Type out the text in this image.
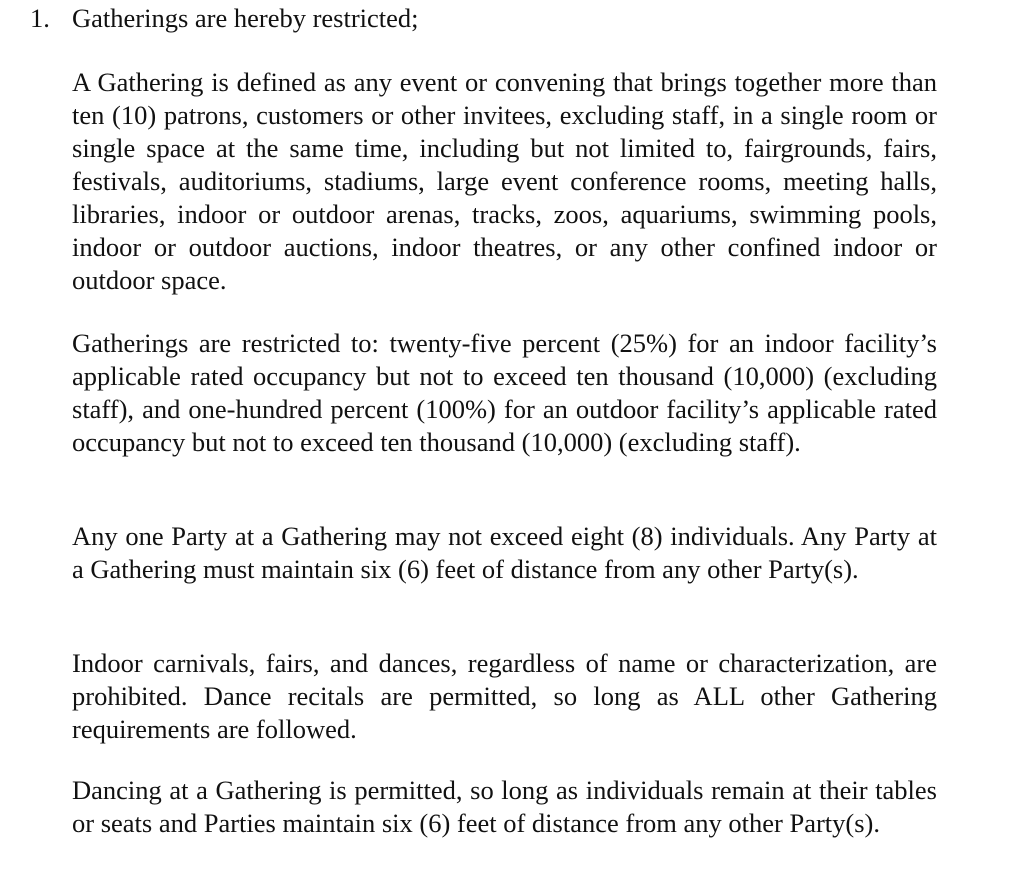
1. Gatherings are hereby restricted;

A Gathering is defined as any event or convening that brings together more than ten (10) patrons, customers or other invitees, excluding staff, in a single room or single space at the same time, including but not limited to, fairgrounds, fairs, festivals, auditoriums, stadiums, large event conference rooms, meeting halls, libraries, indoor or outdoor arenas, tracks, zoos, aquariums, swimming pools, indoor or outdoor auctions, indoor theatres, or any other confined indoor or outdoor space.

Gatherings are restricted to: twenty-five percent (25%) for an indoor facility’s applicable rated occupancy but not to exceed ten thousand (10,000) (excluding staff), and one-hundred percent (100%) for an outdoor facility’s applicable rated occupancy but not to exceed ten thousand (10,000) (excluding staff).

Any one Party at a Gathering may not exceed eight (8) individuals. Any Party at a Gathering must maintain six (6) feet of distance from any other Party(s).

Indoor carnivals, fairs, and dances, regardless of name or characterization, are prohibited. Dance recitals are permitted, so long as ALL other Gathering requirements are followed.

Dancing at a Gathering is permitted, so long as individuals remain at their tables or seats and Parties maintain six (6) feet of distance from any other Party(s).
